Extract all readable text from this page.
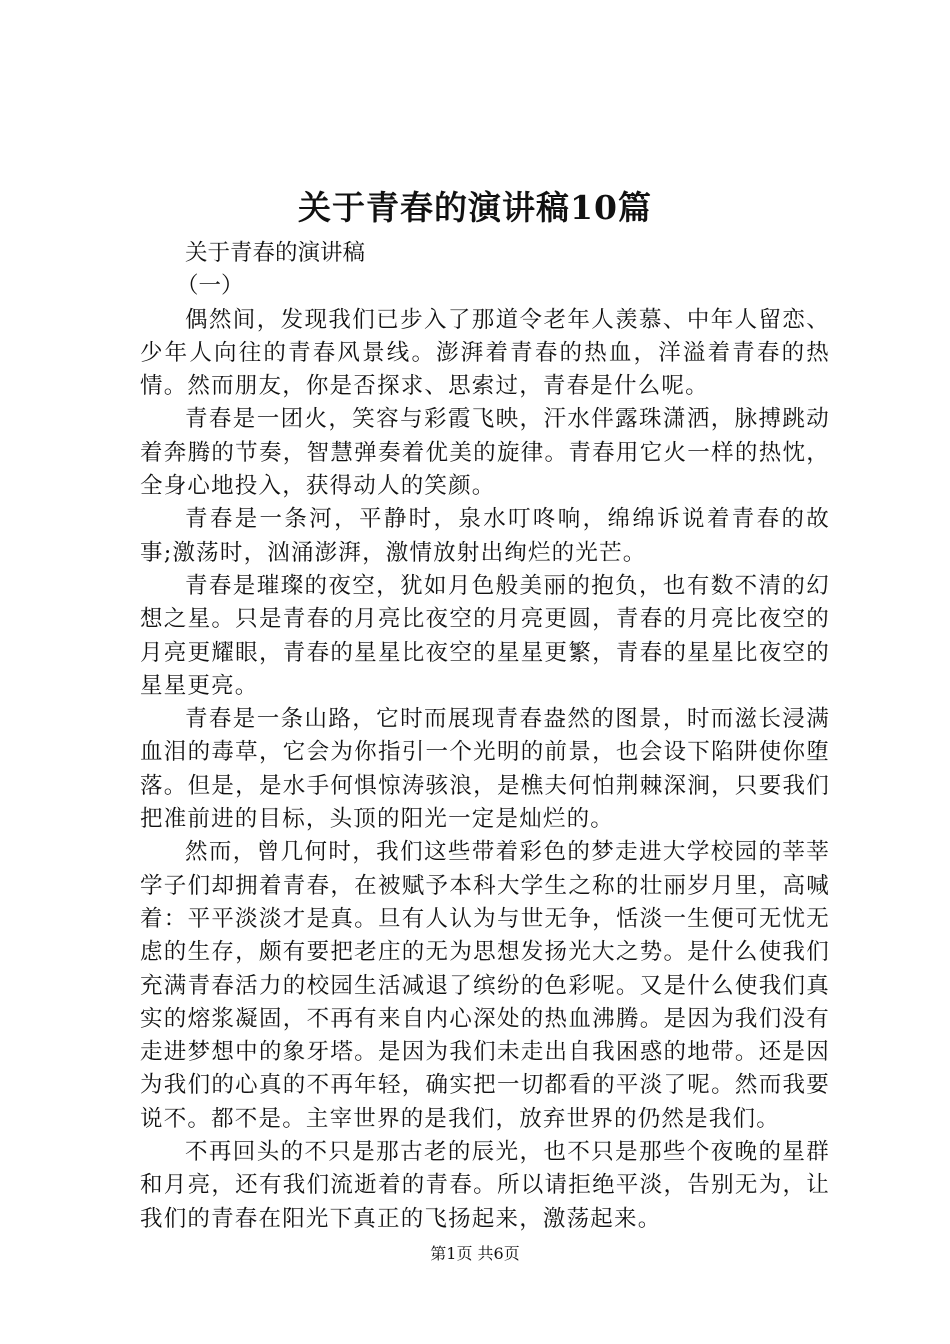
关于青春的演讲稿10篇

关于青春的演讲稿

（一）

偶然间，发现我们已步入了那道令老年人羡慕、中年人留恋、少年人向往的青春风景线。澎湃着青春的热血，洋溢着青春的热情。然而朋友，你是否探求、思索过，青春是什么呢。

青春是一团火，笑容与彩霞飞映，汗水伴露珠潇洒，脉搏跳动着奔腾的节奏，智慧弹奏着优美的旋律。青春用它火一样的热忱，全身心地投入，获得动人的笑颜。

青春是一条河，平静时，泉水叮咚响，绵绵诉说着青春的故事;激荡时，汹涌澎湃，激情放射出绚烂的光芒。

青春是璀璨的夜空，犹如月色般美丽的抱负，也有数不清的幻想之星。只是青春的月亮比夜空的月亮更圆，青春的月亮比夜空的月亮更耀眼，青春的星星比夜空的星星更繁，青春的星星比夜空的星星更亮。

青春是一条山路，它时而展现青春盎然的图景，时而滋长浸满血泪的毒草，它会为你指引一个光明的前景，也会设下陷阱使你堕落。但是，是水手何惧惊涛骇浪，是樵夫何怕荆棘深涧，只要我们把准前进的目标，头顶的阳光一定是灿烂的。

然而，曾几何时，我们这些带着彩色的梦走进大学校园的莘莘学子们却拥着青春，在被赋予本科大学生之称的壮丽岁月里，高喊着：平平淡淡才是真。旦有人认为与世无争，恬淡一生便可无忧无虑的生存，颇有要把老庄的无为思想发扬光大之势。是什么使我们充满青春活力的校园生活减退了缤纷的色彩呢。又是什么使我们真实的熔浆凝固，不再有来自内心深处的热血沸腾。是因为我们没有走进梦想中的象牙塔。是因为我们未走出自我困惑的地带。还是因为我们的心真的不再年轻，确实把一切都看的平淡了呢。然而我要说不。都不是。主宰世界的是我们，放弃世界的仍然是我们。

不再回头的不只是那古老的辰光，也不只是那些个夜晚的星群和月亮，还有我们流逝着的青春。所以请拒绝平淡，告别无为，让我们的青春在阳光下真正的飞扬起来，激荡起来。

第1页 共6页
